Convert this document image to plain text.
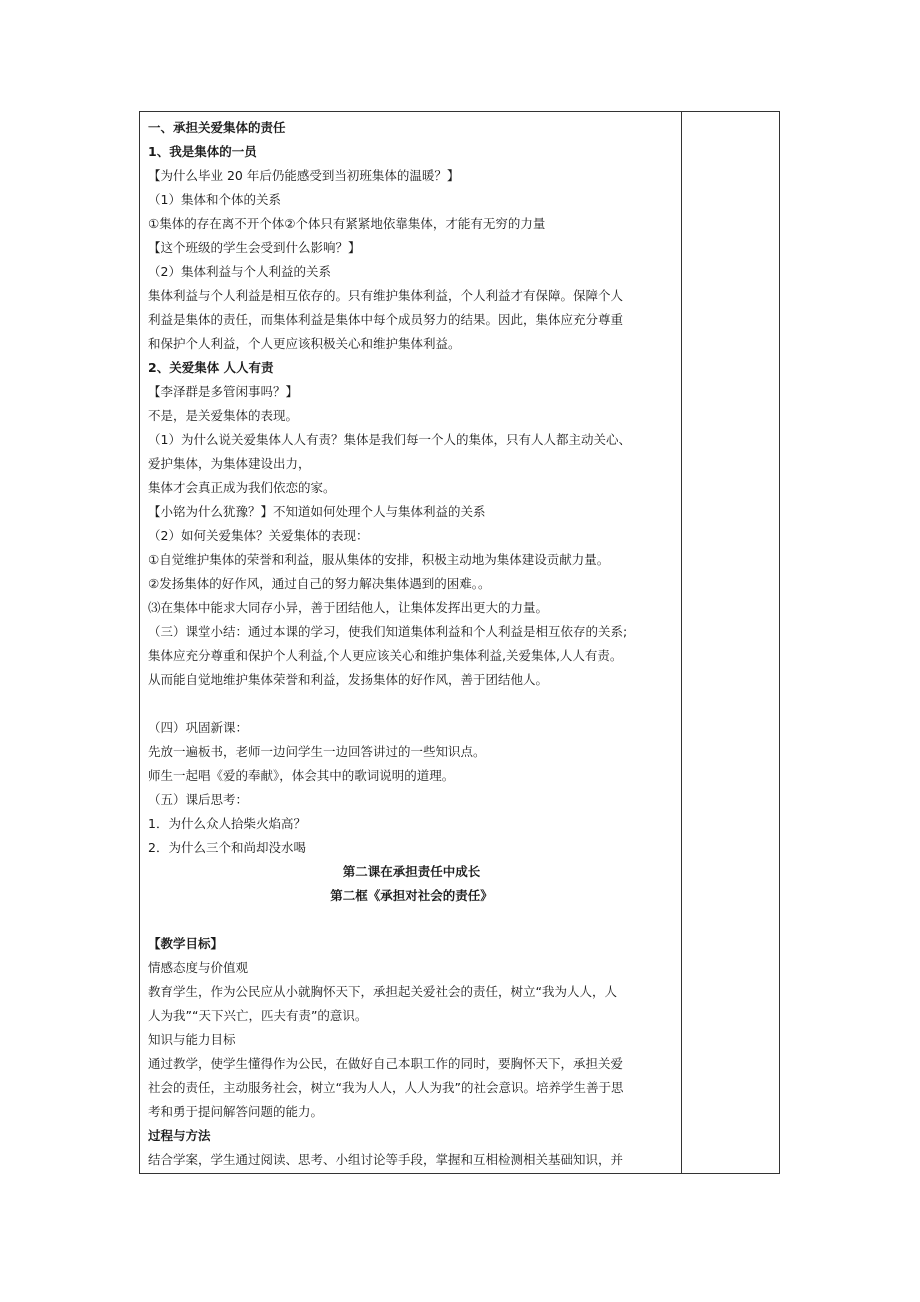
一、承担关爱集体的责任

1、我是集体的一员

【为什么毕业 20 年后仍能感受到当初班集体的温暖？】

（1）集体和个体的关系

①集体的存在离不开个体②个体只有紧紧地依靠集体，才能有无穷的力量

【这个班级的学生会受到什么影响？】

（2）集体利益与个人利益的关系

集体利益与个人利益是相互依存的。只有维护集体利益，个人利益才有保障。保障个人

利益是集体的责任，而集体利益是集体中每个成员努力的结果。因此，集体应充分尊重

和保护个人利益，个人更应该积极关心和维护集体利益。

2、关爱集体 人人有责

【李泽群是多管闲事吗？】

不是，是关爱集体的表现。

（1）为什么说关爱集体人人有责？集体是我们每一个人的集体，只有人人都主动关心、

爱护集体，为集体建设出力，

集体才会真正成为我们依恋的家。

【小铭为什么犹豫？】不知道如何处理个人与集体利益的关系

（2）如何关爱集体？关爱集体的表现：

①自觉维护集体的荣誉和利益，服从集体的安排，积极主动地为集体建设贡献力量。

②发扬集体的好作风，通过自己的努力解决集体遇到的困难。。

⑶在集体中能求大同存小异，善于团结他人，让集体发挥出更大的力量。

（三）课堂小结：通过本课的学习，使我们知道集体利益和个人利益是相互依存的关系;

集体应充分尊重和保护个人利益,个人更应该关心和维护集体利益,关爱集体,人人有责。

从而能自觉地维护集体荣誉和利益，发扬集体的好作风，善于团结他人。

（四）巩固新课：

先放一遍板书，老师一边问学生一边回答讲过的一些知识点。

师生一起唱《爱的奉献》，体会其中的歌词说明的道理。

（五）课后思考：

1．为什么众人拾柴火焰高？

2．为什么三个和尚却没水喝

第二课在承担责任中成长

第二框《承担对社会的责任》

【教学目标】

情感态度与价值观

教育学生，作为公民应从小就胸怀天下，承担起关爱社会的责任，树立“我为人人，人

人为我”“天下兴亡，匹夫有责”的意识。

知识与能力目标

通过教学，使学生懂得作为公民，在做好自己本职工作的同时，要胸怀天下，承担关爱

社会的责任，主动服务社会，树立“我为人人，人人为我”的社会意识。培养学生善于思

考和勇于提问解答问题的能力。

过程与方法

结合学案，学生通过阅读、思考、小组讨论等手段，掌握和互相检测相关基础知识，并
